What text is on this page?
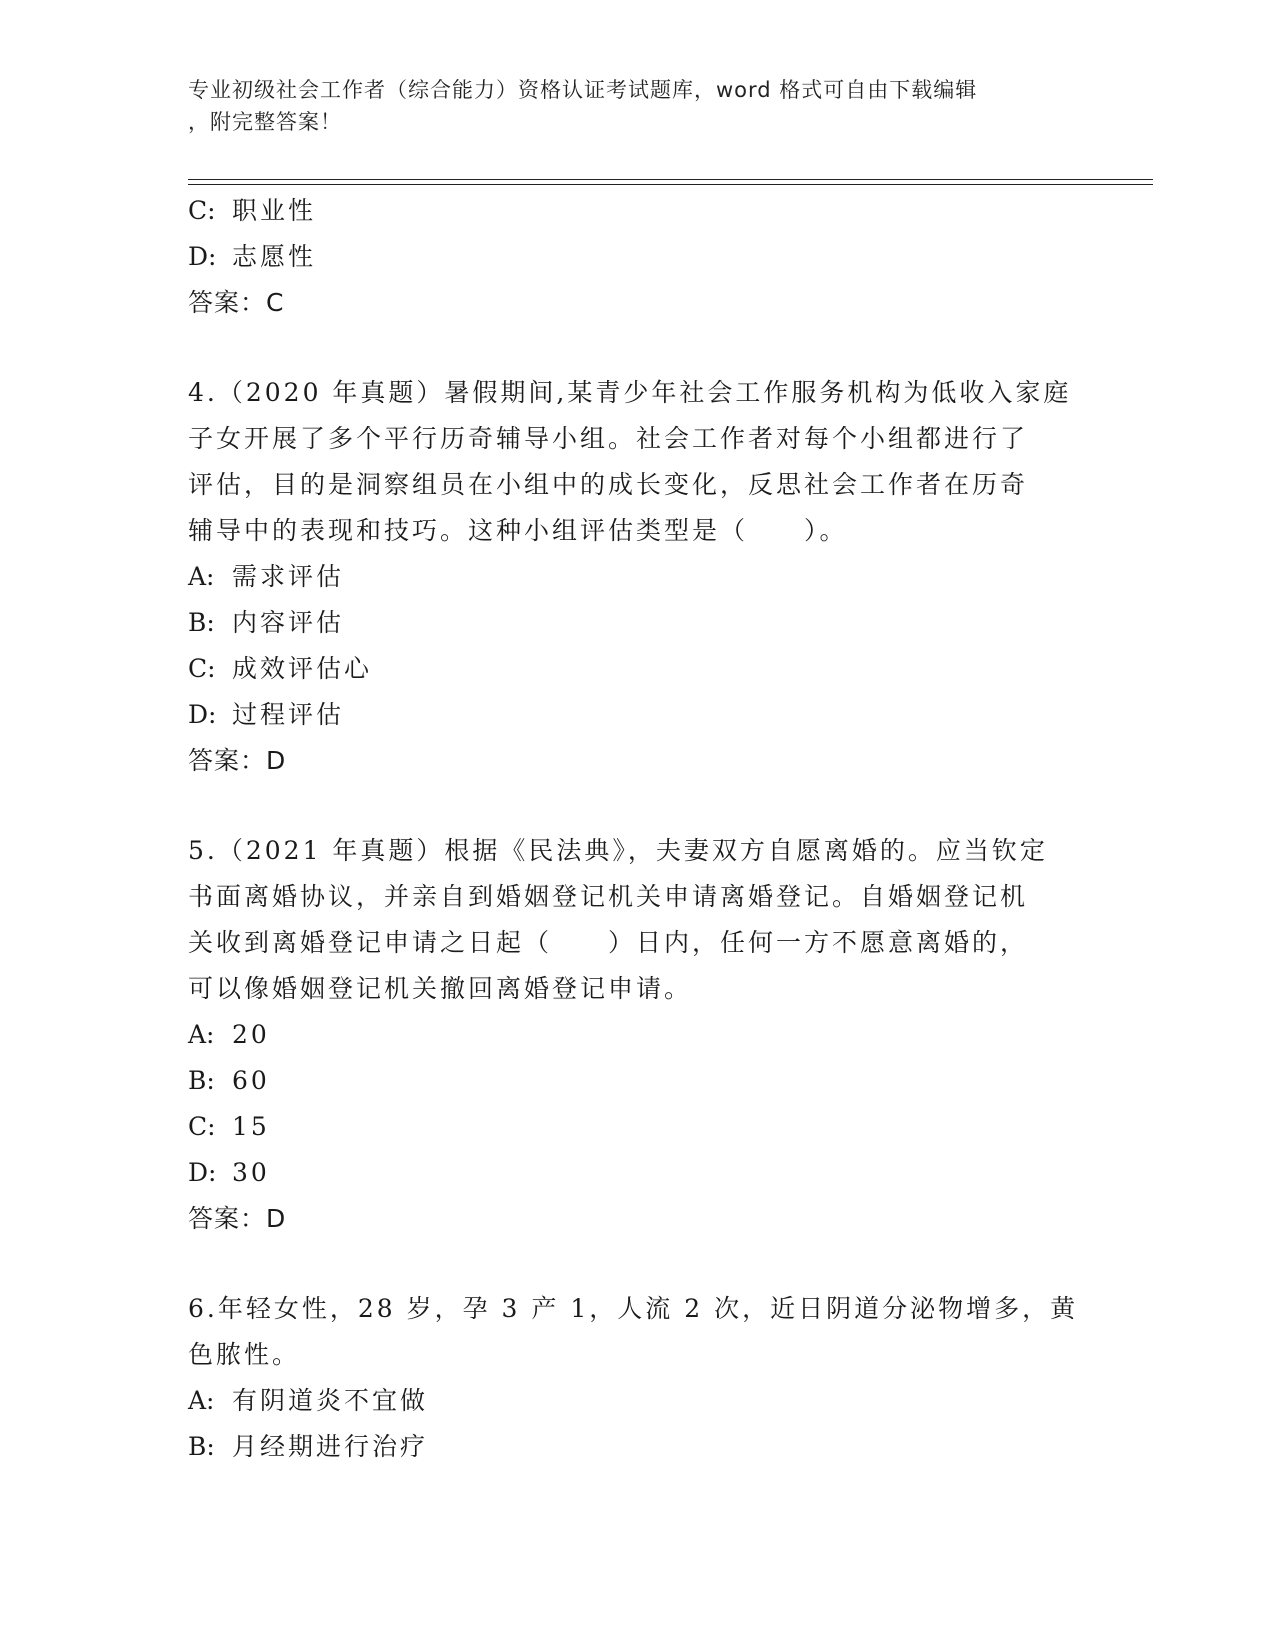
专业初级社会工作者（综合能力）资格认证考试题库，word 格式可自由下载编辑
，附完整答案！
C: 职业性
D: 志愿性
答案：C
4.（2020 年真题）暑假期间,某青少年社会工作服务机构为低收入家庭
子女开展了多个平行历奇辅导小组。社会工作者对每个小组都进行了
评估，目的是洞察组员在小组中的成长变化，反思社会工作者在历奇
辅导中的表现和技巧。这种小组评估类型是（　　）。
A: 需求评估
B: 内容评估
C: 成效评估心
D: 过程评估
答案：D
5.（2021 年真题）根据《民法典》，夫妻双方自愿离婚的。应当钦定
书面离婚协议，并亲自到婚姻登记机关申请离婚登记。自婚姻登记机
关收到离婚登记申请之日起（　　）日内，任何一方不愿意离婚的，
可以像婚姻登记机关撤回离婚登记申请。
A: 20
B: 60
C: 15
D: 30
答案：D
6.年轻女性，28 岁，孕 3 产 1，人流 2 次，近日阴道分泌物增多，黄
色脓性。
A: 有阴道炎不宜做
B: 月经期进行治疗
